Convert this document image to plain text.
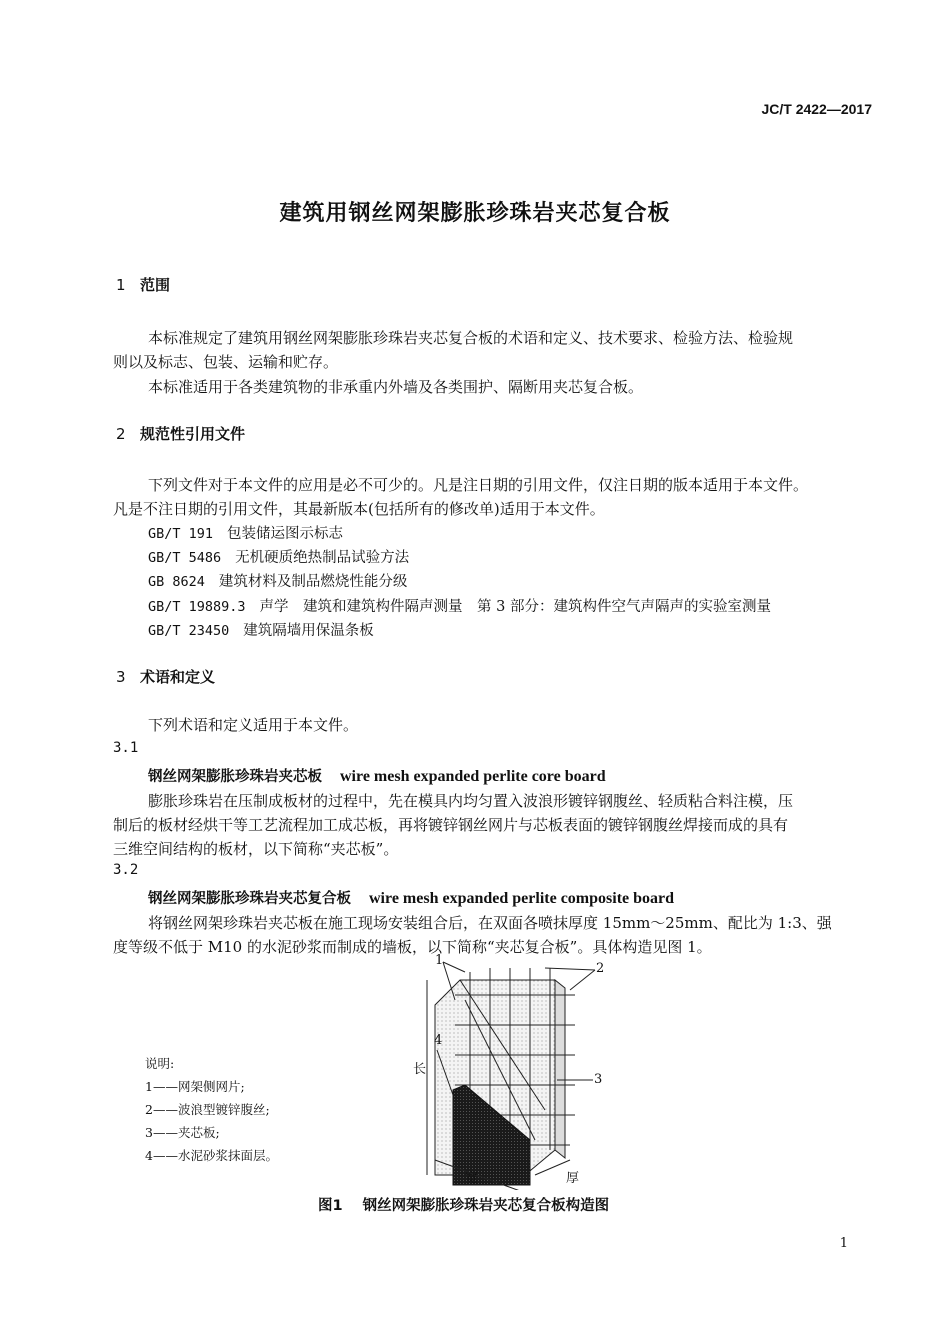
JC/T 2422—2017
建筑用钢丝网架膨胀珍珠岩夹芯复合板
1 范围
本标准规定了建筑用钢丝网架膨胀珍珠岩夹芯复合板的术语和定义、技术要求、检验方法、检验规
则以及标志、包装、运输和贮存。
本标准适用于各类建筑物的非承重内外墙及各类围护、隔断用夹芯复合板。
2 规范性引用文件
下列文件对于本文件的应用是必不可少的。凡是注日期的引用文件，仅注日期的版本适用于本文件。
凡是不注日期的引用文件，其最新版本(包括所有的修改单)适用于本文件。
GB/T 191 包装储运图示标志
GB/T 5486 无机硬质绝热制品试验方法
GB 8624 建筑材料及制品燃烧性能分级
GB/T 19889.3 声学　建筑和建筑构件隔声测量　第 3 部分：建筑构件空气声隔声的实验室测量
GB/T 23450 建筑隔墙用保温条板
3 术语和定义
下列术语和定义适用于本文件。
3.1
钢丝网架膨胀珍珠岩夹芯板 wire mesh expanded perlite core board
膨胀珍珠岩在压制成板材的过程中，先在模具内均匀置入波浪形镀锌钢腹丝、轻质粘合料注模，压
制后的板材经烘干等工艺流程加工成芯板，再将镀锌钢丝网片与芯板表面的镀锌钢腹丝焊接而成的具有
三维空间结构的板材，以下简称“夹芯板”。
3.2
钢丝网架膨胀珍珠岩夹芯复合板 wire mesh expanded perlite composite board
将钢丝网架珍珠岩夹芯板在施工现场安装组合后，在双面各喷抹厚度 15mm～25mm、配比为 1:3、强
度等级不低于 M10 的水泥砂浆而制成的墙板，以下简称“夹芯复合板”。具体构造见图 1。
说明:
1——网架侧网片;
2——波浪型镀锌腹丝;
3——夹芯板;
4——水泥砂浆抹面层。
1
2
3
4
长
宽	厚
图1 钢丝网架膨胀珍珠岩夹芯复合板构造图
1
